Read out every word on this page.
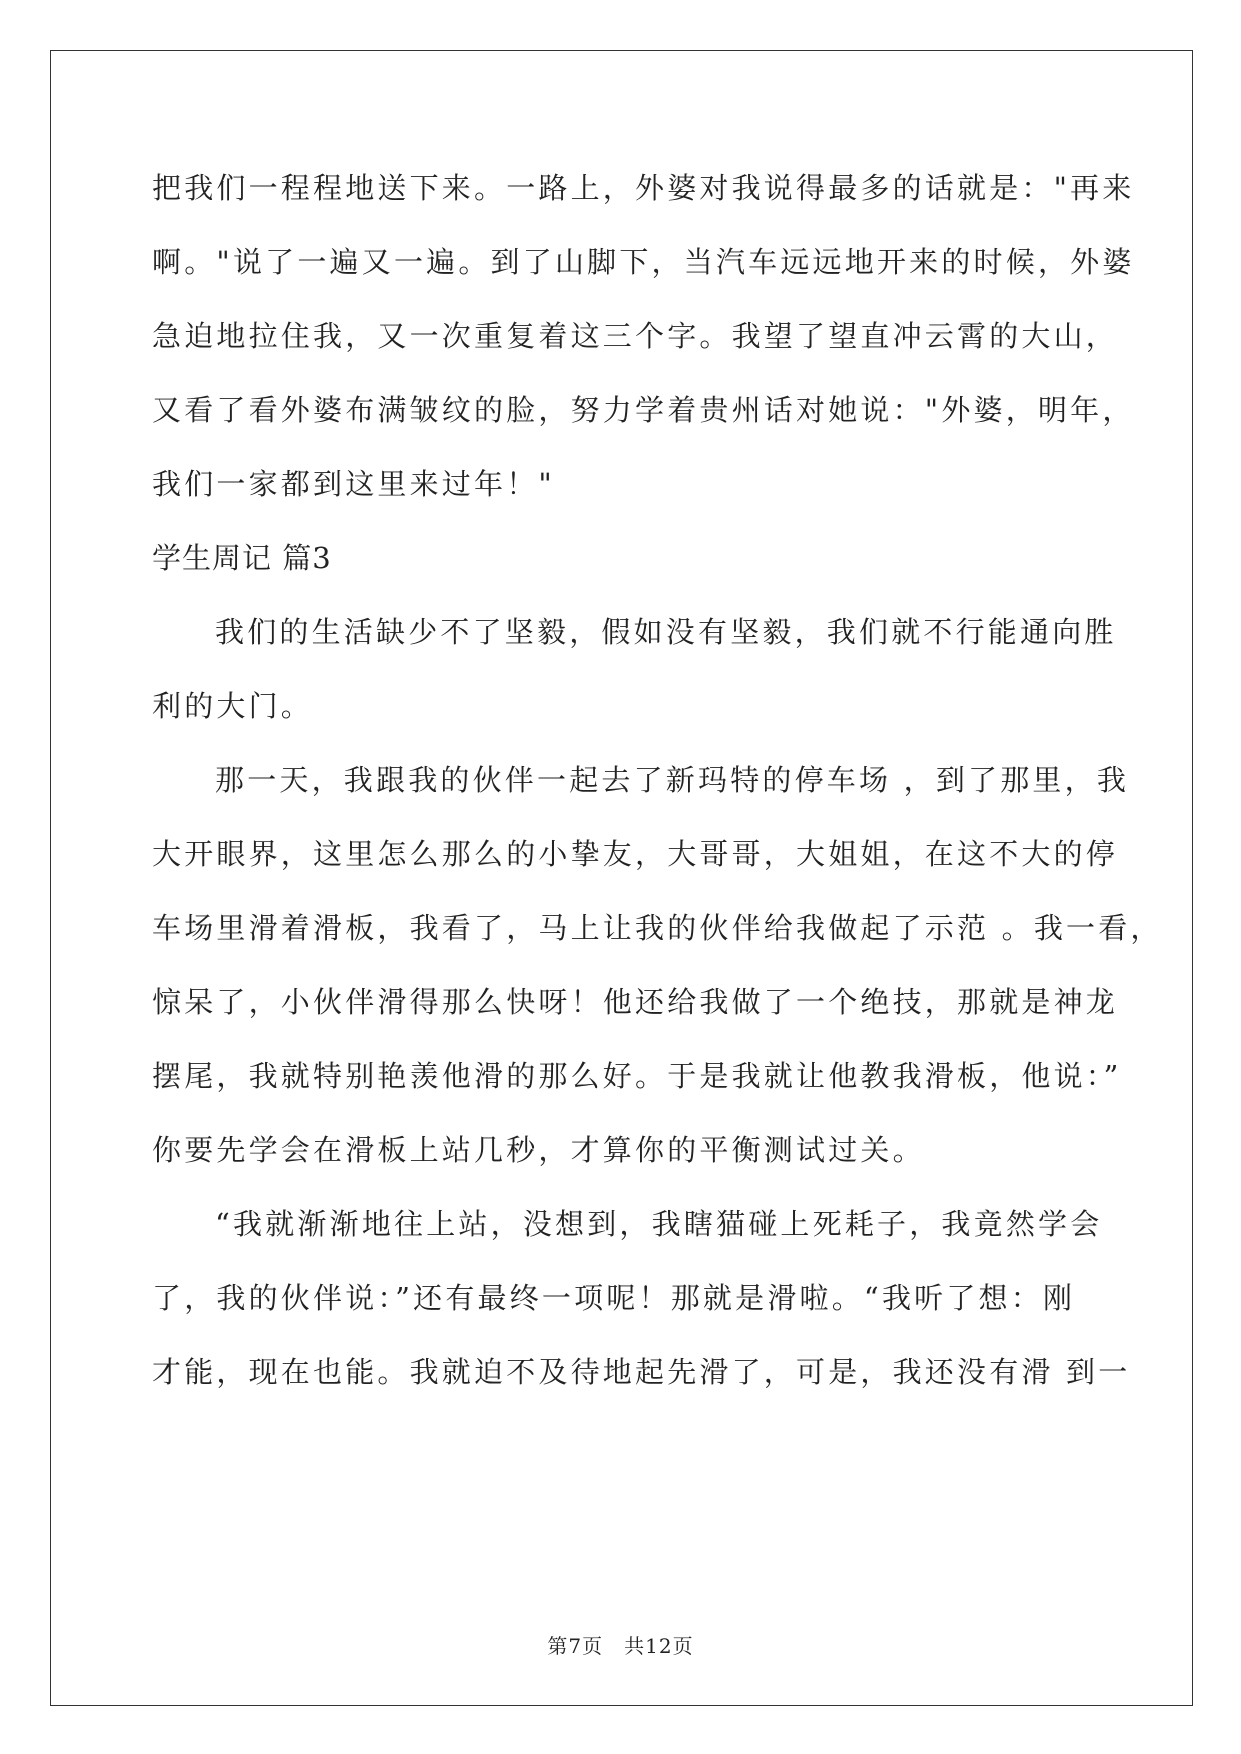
把我们一程程地送下来。一路上，外婆对我说得最多的话就是："再来
啊。"说了一遍又一遍。到了山脚下，当汽车远远地开来的时候，外婆
急迫地拉住我，又一次重复着这三个字。我望了望直冲云霄的大山，
又看了看外婆布满皱纹的脸，努力学着贵州话对她说："外婆，明年，
我们一家都到这里来过年！"
学生周记 篇3
我们的生活缺少不了坚毅，假如没有坚毅，我们就不行能通向胜
利的大门。
那一天，我跟我的伙伴一起去了新玛特的停车场 ，到了那里，我
大开眼界，这里怎么那么的小挚友，大哥哥，大姐姐，在这不大的停
车场里滑着滑板，我看了，马上让我的伙伴给我做起了示范 。我一看，
惊呆了，小伙伴滑得那么快呀！他还给我做了一个绝技，那就是神龙
摆尾，我就特别艳羡他滑的那么好。于是我就让他教我滑板，他说：”
你要先学会在滑板上站几秒，才算你的平衡测试过关。
“我就渐渐地往上站，没想到，我瞎猫碰上死耗子，我竟然学会
了，我的伙伴说：”还有最终一项呢！那就是滑啦。“我听了想：刚
才能，现在也能。我就迫不及待地起先滑了，可是，我还没有滑 到一
第7页　共12页
